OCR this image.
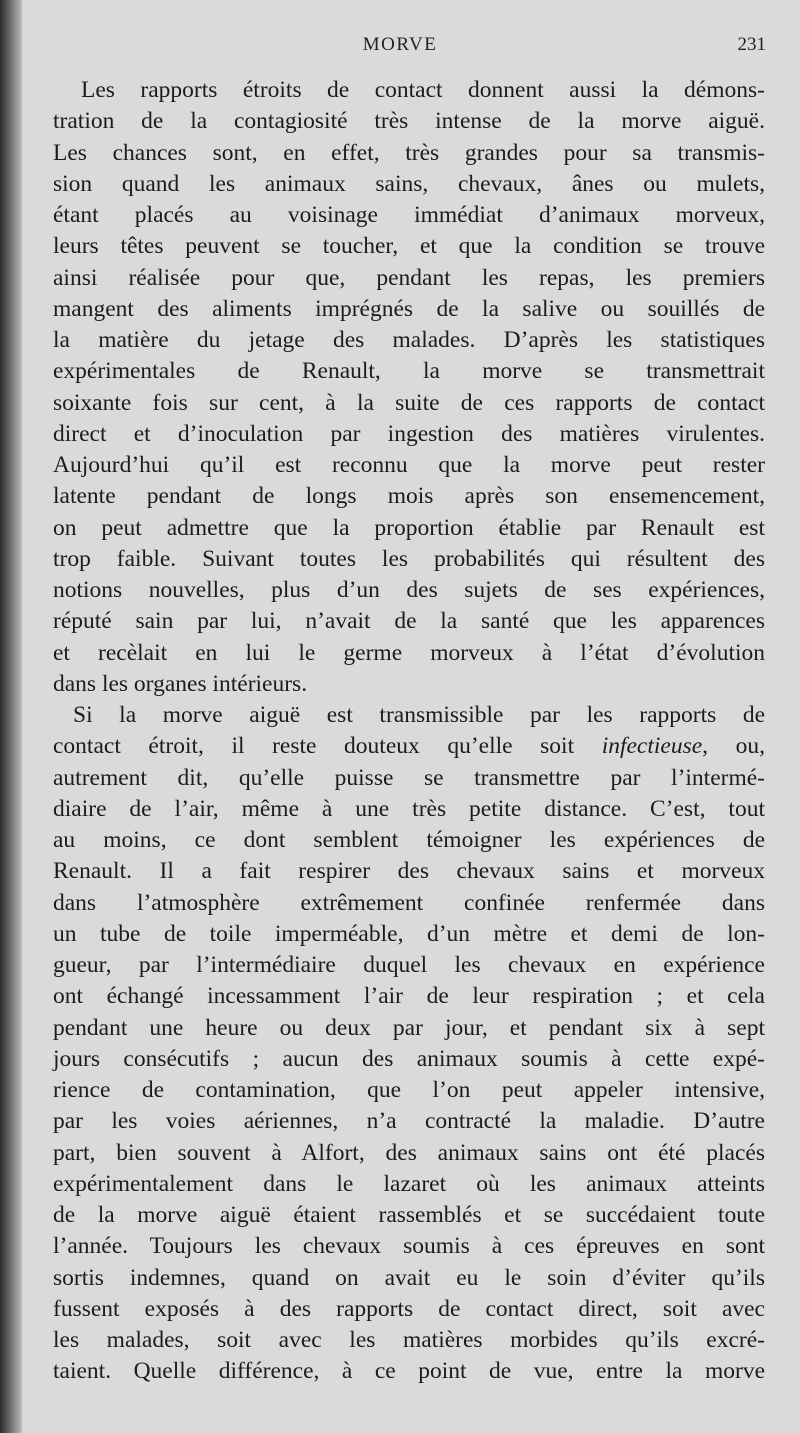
MORVE	231
Les rapports étroits de contact donnent aussi la démons-
tration de la contagiosité très intense de la morve aiguë.
Les chances sont, en effet, très grandes pour sa transmis-
sion quand les animaux sains, chevaux, ânes ou mulets,
étant placés au voisinage immédiat d’animaux morveux,
leurs têtes peuvent se toucher, et que la condition se trouve
ainsi réalisée pour que, pendant les repas, les premiers
mangent des aliments imprégnés de la salive ou souillés de
la matière du jetage des malades. D’après les statistiques
expérimentales de Renault, la morve se transmettrait
soixante fois sur cent, à la suite de ces rapports de contact
direct et d’inoculation par ingestion des matières virulentes.
Aujourd’hui qu’il est reconnu que la morve peut rester
latente pendant de longs mois après son ensemencement,
on peut admettre que la proportion établie par Renault est
trop faible. Suivant toutes les probabilités qui résultent des
notions nouvelles, plus d’un des sujets de ses expériences,
réputé sain par lui, n’avait de la santé que les apparences
et recèlait en lui le germe morveux à l’état d’évolution
dans les organes intérieurs.
Si la morve aiguë est transmissible par les rapports de
contact étroit, il reste douteux qu’elle soit infectieuse, ou,
autrement dit, qu’elle puisse se transmettre par l’intermé-
diaire de l’air, même à une très petite distance. C’est, tout
au moins, ce dont semblent témoigner les expériences de
Renault. Il a fait respirer des chevaux sains et morveux
dans l’atmosphère extrêmement confinée renfermée dans
un tube de toile imperméable, d’un mètre et demi de lon-
gueur, par l’intermédiaire duquel les chevaux en expérience
ont échangé incessamment l’air de leur respiration ; et cela
pendant une heure ou deux par jour, et pendant six à sept
jours consécutifs ; aucun des animaux soumis à cette expé-
rience de contamination, que l’on peut appeler intensive,
par les voies aériennes, n’a contracté la maladie. D’autre
part, bien souvent à Alfort, des animaux sains ont été placés
expérimentalement dans le lazaret où les animaux atteints
de la morve aiguë étaient rassemblés et se succédaient toute
l’année. Toujours les chevaux soumis à ces épreuves en sont
sortis indemnes, quand on avait eu le soin d’éviter qu’ils
fussent exposés à des rapports de contact direct, soit avec
les malades, soit avec les matières morbides qu’ils excré-
taient. Quelle différence, à ce point de vue, entre la morve
